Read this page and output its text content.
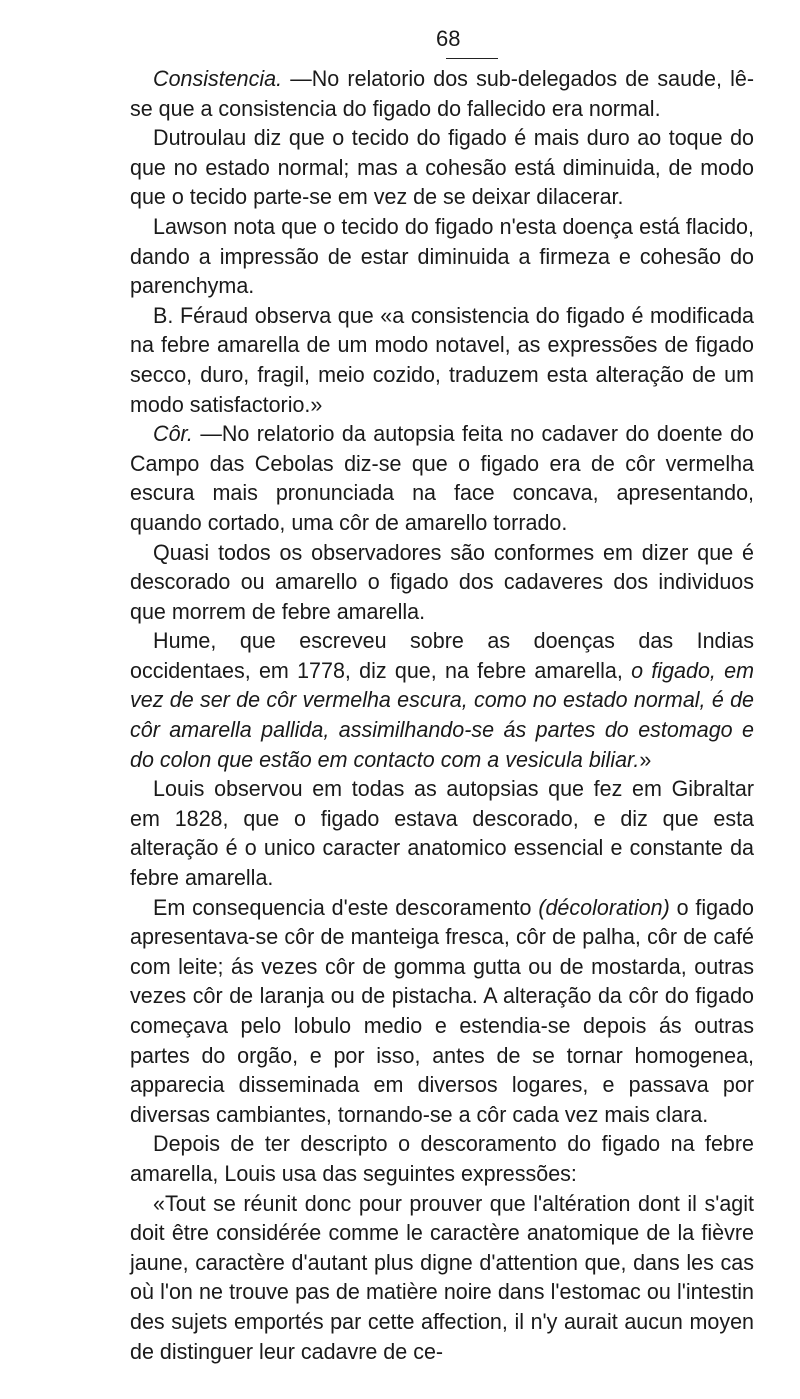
68

Consistencia. —No relatorio dos sub-delegados de saude, lê-se que a consistencia do figado do fallecido era normal.

Dutroulau diz que o tecido do figado é mais duro ao toque do que no estado normal; mas a cohesão está diminuida, de modo que o tecido parte-se em vez de se deixar dilacerar.

Lawson nota que o tecido do figado n'esta doença está flacido, dando a impressão de estar diminuida a firmeza e cohesão do parenchyma.

B. Féraud observa que «a consistencia do figado é modificada na febre amarella de um modo notavel, as expressões de figado secco, duro, fragil, meio cozido, traduzem esta alteração de um modo satisfactorio.»

Côr. —No relatorio da autopsia feita no cadaver do doente do Campo das Cebolas diz-se que o figado era de côr vermelha escura mais pronunciada na face concava, apresentando, quando cortado, uma côr de amarello torrado.

Quasi todos os observadores são conformes em dizer que é descorado ou amarello o figado dos cadaveres dos individuos que morrem de febre amarella.

Hume, que escreveu sobre as doenças das Indias occidentaes, em 1778, diz que, na febre amarella, o figado, em vez de ser de côr vermelha escura, como no estado normal, é de côr amarella pallida, assimilhando-se ás partes do estomago e do colon que estão em contacto com a vesicula biliar.»

Louis observou em todas as autopsias que fez em Gibraltar em 1828, que o figado estava descorado, e diz que esta alteração é o unico caracter anatomico essencial e constante da febre amarella.

Em consequencia d'este descoramento (décoloration) o figado apresentava-se côr de manteiga fresca, côr de palha, côr de café com leite; ás vezes côr de gomma gutta ou de mostarda, outras vezes côr de laranja ou de pistacha. A alteração da côr do figado começava pelo lobulo medio e estendia-se depois ás outras partes do orgão, e por isso, antes de se tornar homogenea, apparecia disseminada em diversos logares, e passava por diversas cambiantes, tornando-se a côr cada vez mais clara.

Depois de ter descripto o descoramento do figado na febre amarella, Louis usa das seguintes expressões:

«Tout se réunit donc pour prouver que l'altération dont il s'agit doit être considérée comme le caractère anatomique de la fièvre jaune, caractère d'autant plus digne d'attention que, dans les cas où l'on ne trouve pas de matière noire dans l'estomac ou l'intestin des sujets emportés par cette affection, il n'y aurait aucun moyen de distinguer leur cadavre de ce-
